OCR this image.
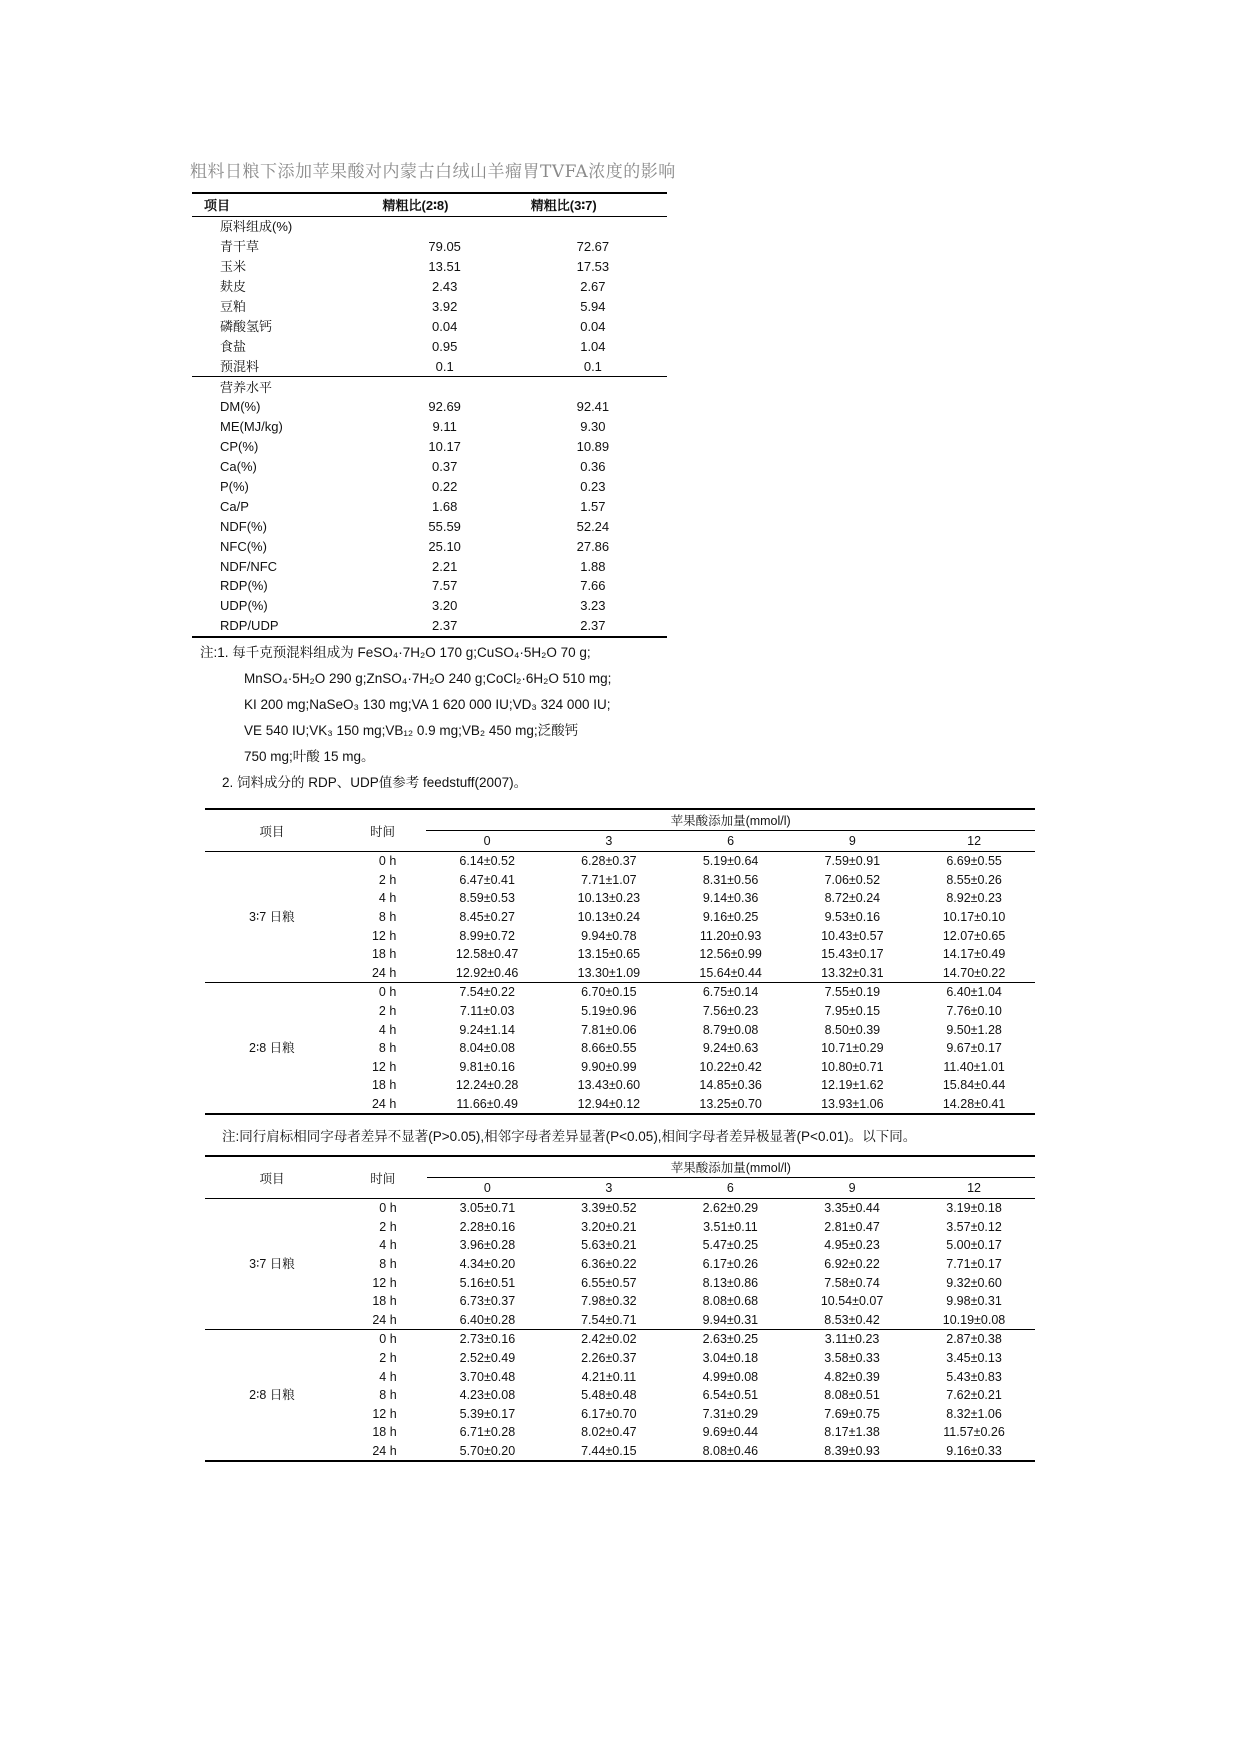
粗料日粮下添加苹果酸对内蒙古白绒山羊瘤胃TVFA浓度的影响
项目	精粗比(2∶8)	精粗比(3∶7)
原料组成(%)		
青干草	79.05	72.67
玉米	13.51	17.53
麸皮	2.43	2.67
豆粕	3.92	5.94
磷酸氢钙	0.04	0.04
食盐	0.95	1.04
预混料	0.1	0.1
营养水平		
DM(%)	92.69	92.41
ME(MJ/kg)	9.11	9.30
CP(%)	10.17	10.89
Ca(%)	0.37	0.36
P(%)	0.22	0.23
Ca/P	1.68	1.57
NDF(%)	55.59	52.24
NFC(%)	25.10	27.86
NDF/NFC	2.21	1.88
RDP(%)	7.57	7.66
UDP(%)	3.20	3.23
RDP/UDP	2.37	2.37
注:1. 每千克预混料组成为 FeSO₄·7H₂O 170 g;CuSO₄·5H₂O 70 g;
MnSO₄·5H₂O 290 g;ZnSO₄·7H₂O 240 g;CoCl₂·6H₂O 510 mg;
KI 200 mg;NaSeO₃ 130 mg;VA 1 620 000 IU;VD₃ 324 000 IU;
VE 540 IU;VK₃ 150 mg;VB₁₂ 0.9 mg;VB₂ 450 mg;泛酸钙
750 mg;叶酸 15 mg。
2. 饲料成分的 RDP、UDP值参考 feedstuff(2007)。
项目	时间	苹果酸添加量(mmol/l)				
		0	3	6	9	12
3∶7 日粮	0 h	6.14±0.52	6.28±0.37	5.19±0.64	7.59±0.91	6.69±0.55
	2 h	6.47±0.41	7.71±1.07	8.31±0.56	7.06±0.52	8.55±0.26
	4 h	8.59±0.53	10.13±0.23	9.14±0.36	8.72±0.24	8.92±0.23
	8 h	8.45±0.27	10.13±0.24	9.16±0.25	9.53±0.16	10.17±0.10
	12 h	8.99±0.72	9.94±0.78	11.20±0.93	10.43±0.57	12.07±0.65
	18 h	12.58±0.47	13.15±0.65	12.56±0.99	15.43±0.17	14.17±0.49
	24 h	12.92±0.46	13.30±1.09	15.64±0.44	13.32±0.31	14.70±0.22
2∶8 日粮	0 h	7.54±0.22	6.70±0.15	6.75±0.14	7.55±0.19	6.40±1.04
	2 h	7.11±0.03	5.19±0.96	7.56±0.23	7.95±0.15	7.76±0.10
	4 h	9.24±1.14	7.81±0.06	8.79±0.08	8.50±0.39	9.50±1.28
	8 h	8.04±0.08	8.66±0.55	9.24±0.63	10.71±0.29	9.67±0.17
	12 h	9.81±0.16	9.90±0.99	10.22±0.42	10.80±0.71	11.40±1.01
	18 h	12.24±0.28	13.43±0.60	14.85±0.36	12.19±1.62	15.84±0.44
	24 h	11.66±0.49	12.94±0.12	13.25±0.70	13.93±1.06	14.28±0.41
注:同行肩标相同字母者差异不显著(P>0.05),相邻字母者差异显著(P<0.05),相间字母者差异极显著(P<0.01)。以下同。
项目	时间	苹果酸添加量(mmol/l)				
		0	3	6	9	12
3∶7 日粮	0 h	3.05±0.71	3.39±0.52	2.62±0.29	3.35±0.44	3.19±0.18
	2 h	2.28±0.16	3.20±0.21	3.51±0.11	2.81±0.47	3.57±0.12
	4 h	3.96±0.28	5.63±0.21	5.47±0.25	4.95±0.23	5.00±0.17
	8 h	4.34±0.20	6.36±0.22	6.17±0.26	6.92±0.22	7.71±0.17
	12 h	5.16±0.51	6.55±0.57	8.13±0.86	7.58±0.74	9.32±0.60
	18 h	6.73±0.37	7.98±0.32	8.08±0.68	10.54±0.07	9.98±0.31
	24 h	6.40±0.28	7.54±0.71	9.94±0.31	8.53±0.42	10.19±0.08
2∶8 日粮	0 h	2.73±0.16	2.42±0.02	2.63±0.25	3.11±0.23	2.87±0.38
	2 h	2.52±0.49	2.26±0.37	3.04±0.18	3.58±0.33	3.45±0.13
	4 h	3.70±0.48	4.21±0.11	4.99±0.08	4.82±0.39	5.43±0.83
	8 h	4.23±0.08	5.48±0.48	6.54±0.51	8.08±0.51	7.62±0.21
	12 h	5.39±0.17	6.17±0.70	7.31±0.29	7.69±0.75	8.32±1.06
	18 h	6.71±0.28	8.02±0.47	9.69±0.44	8.17±1.38	11.57±0.26
	24 h	5.70±0.20	7.44±0.15	8.08±0.46	8.39±0.93	9.16±0.33
